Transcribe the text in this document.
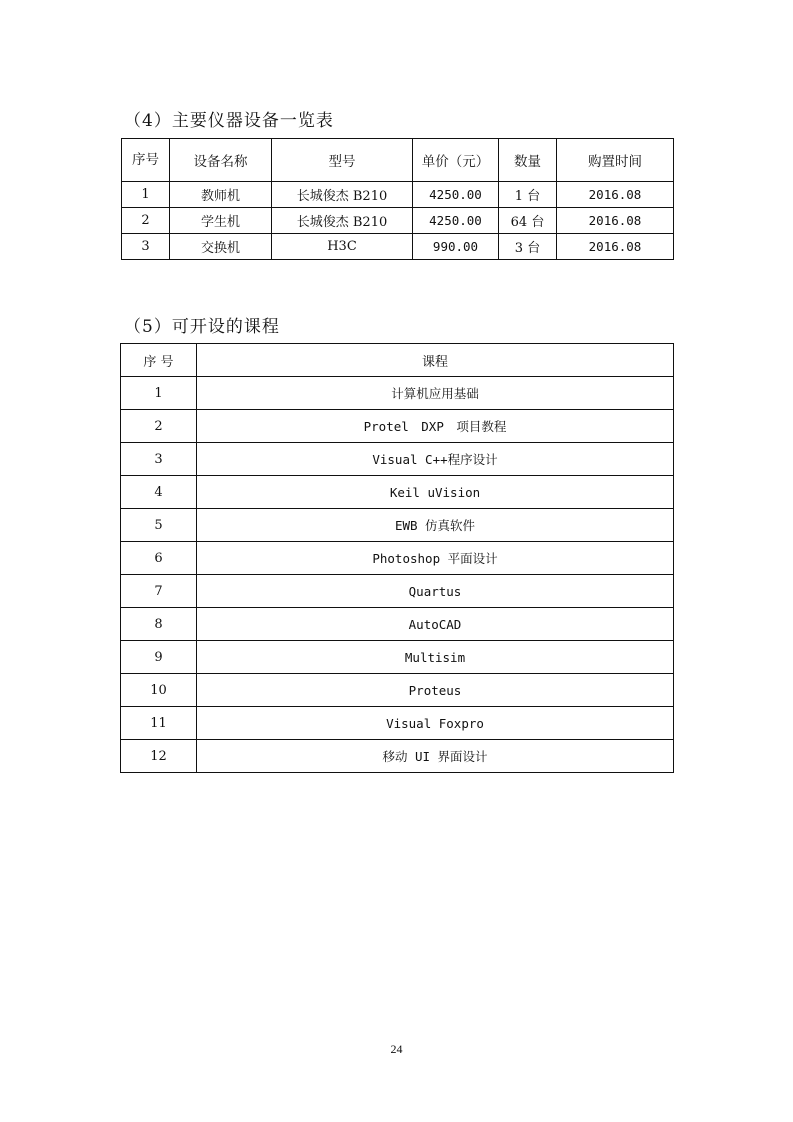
（4）主要仪器设备一览表
序号	设备名称	型号	单价（元）	数量	购置时间
1	教师机	长城俊杰 B210	4250.00	1 台	2016.08
2	学生机	长城俊杰 B210	4250.00	64 台	2016.08
3	交换机	H3C	990.00	3 台	2016.08
（5）可开设的课程
序 号	课程
1	计算机应用基础
2	Protel　DXP　项目教程
3	Visual C++程序设计
4	Keil uVision
5	EWB 仿真软件
6	Photoshop 平面设计
7	Quartus
8	AutoCAD
9	Multisim
10	Proteus
11	Visual Foxpro
12	移动 UI 界面设计
24
